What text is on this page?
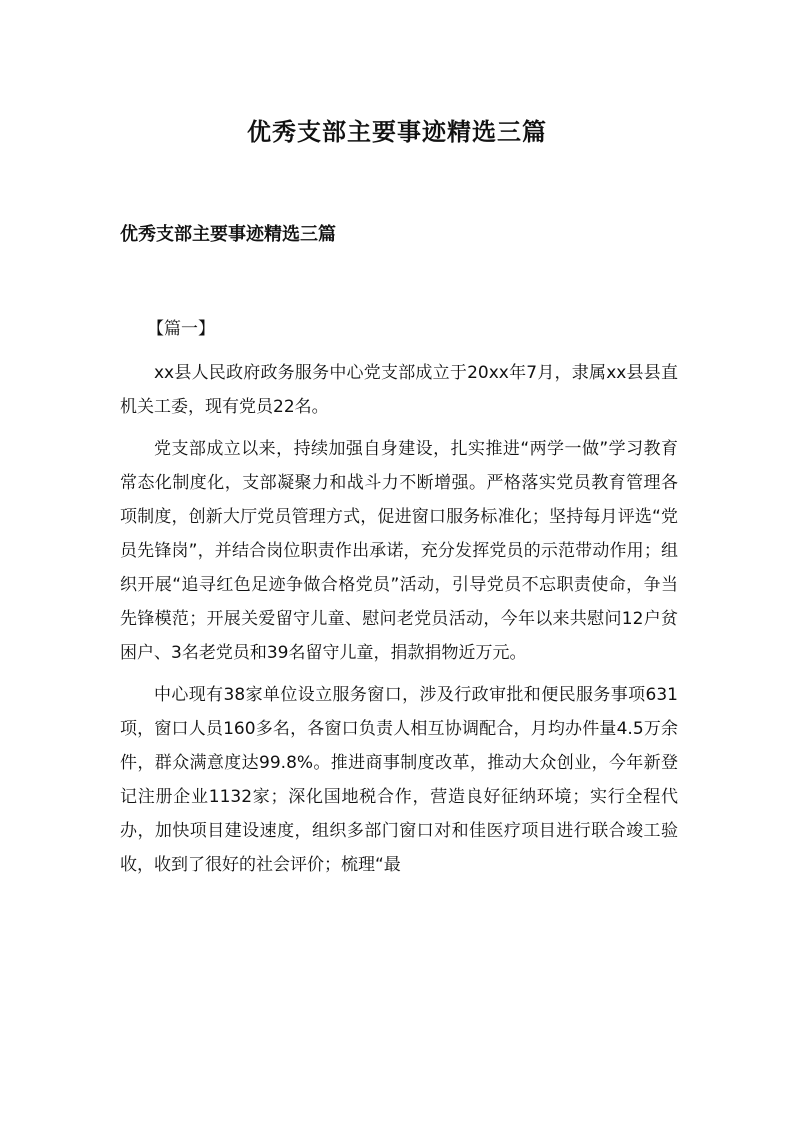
优秀支部主要事迹精选三篇
优秀支部主要事迹精选三篇

【篇一】

xx县人民政府政务服务中心党支部成立于20xx年7月，隶属xx县县直机关工委，现有党员22名。

党支部成立以来，持续加强自身建设，扎实推进“两学一做”学习教育常态化制度化，支部凝聚力和战斗力不断增强。严格落实党员教育管理各项制度，创新大厅党员管理方式，促进窗口服务标准化；坚持每月评选“党员先锋岗”，并结合岗位职责作出承诺，充分发挥党员的示范带动作用；组织开展“追寻红色足迹争做合格党员”活动，引导党员不忘职责使命，争当先锋模范；开展关爱留守儿童、慰问老党员活动，今年以来共慰问12户贫困户、3名老党员和39名留守儿童，捐款捐物近万元。

中心现有38家单位设立服务窗口，涉及行政审批和便民服务事项631项，窗口人员160多名，各窗口负责人相互协调配合，月均办件量4.5万余件，群众满意度达99.8%。推进商事制度改革，推动大众创业，今年新登记注册企业1132家；深化国地税合作，营造良好征纳环境；实行全程代办，加快项目建设速度，组织多部门窗口对和佳医疗项目进行联合竣工验收，收到了很好的社会评价；梳理“最
